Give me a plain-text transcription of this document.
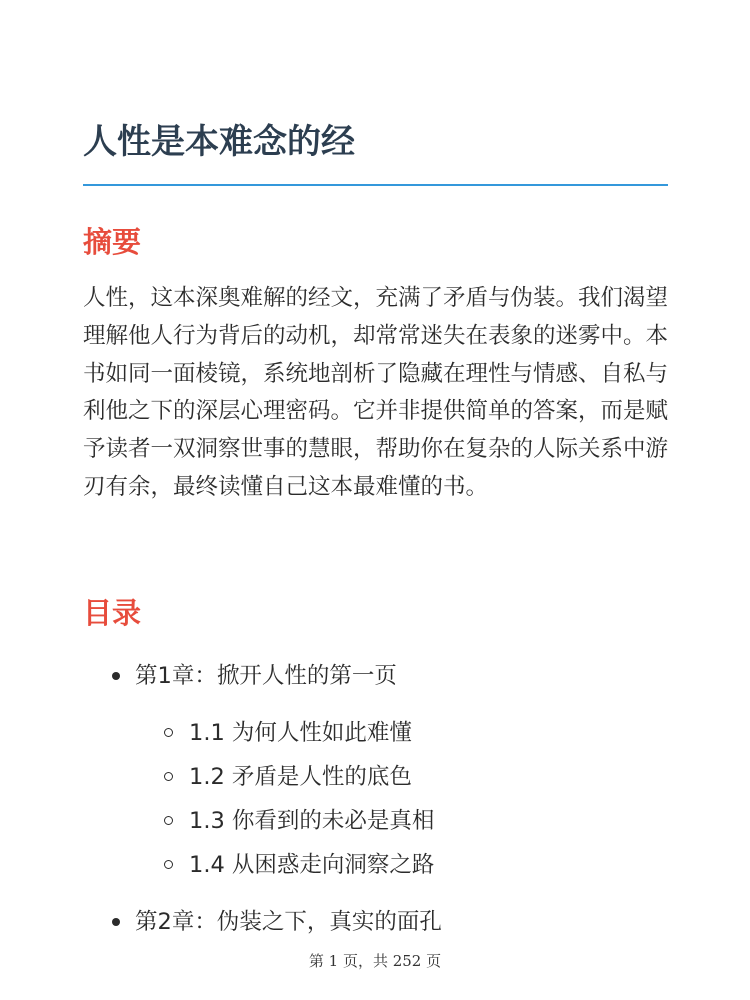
人性是本难念的经
摘要

人性，这本深奥难解的经文，充满了矛盾与伪装。我们渴望理解他人行为背后的动机，却常常迷失在表象的迷雾中。本书如同一面棱镜，系统地剖析了隐藏在理性与情感、自私与利他之下的深层心理密码。它并非提供简单的答案，而是赋予读者一双洞察世事的慧眼，帮助你在复杂的人际关系中游刃有余，最终读懂自己这本最难懂的书。

目录
第1章：掀开人性的第一页
1.1 为何人性如此难懂
1.2 矛盾是人性的底色
1.3 你看到的未必是真相
1.4 从困惑走向洞察之路
第2章：伪装之下，真实的面孔
第 1 页，共 252 页
